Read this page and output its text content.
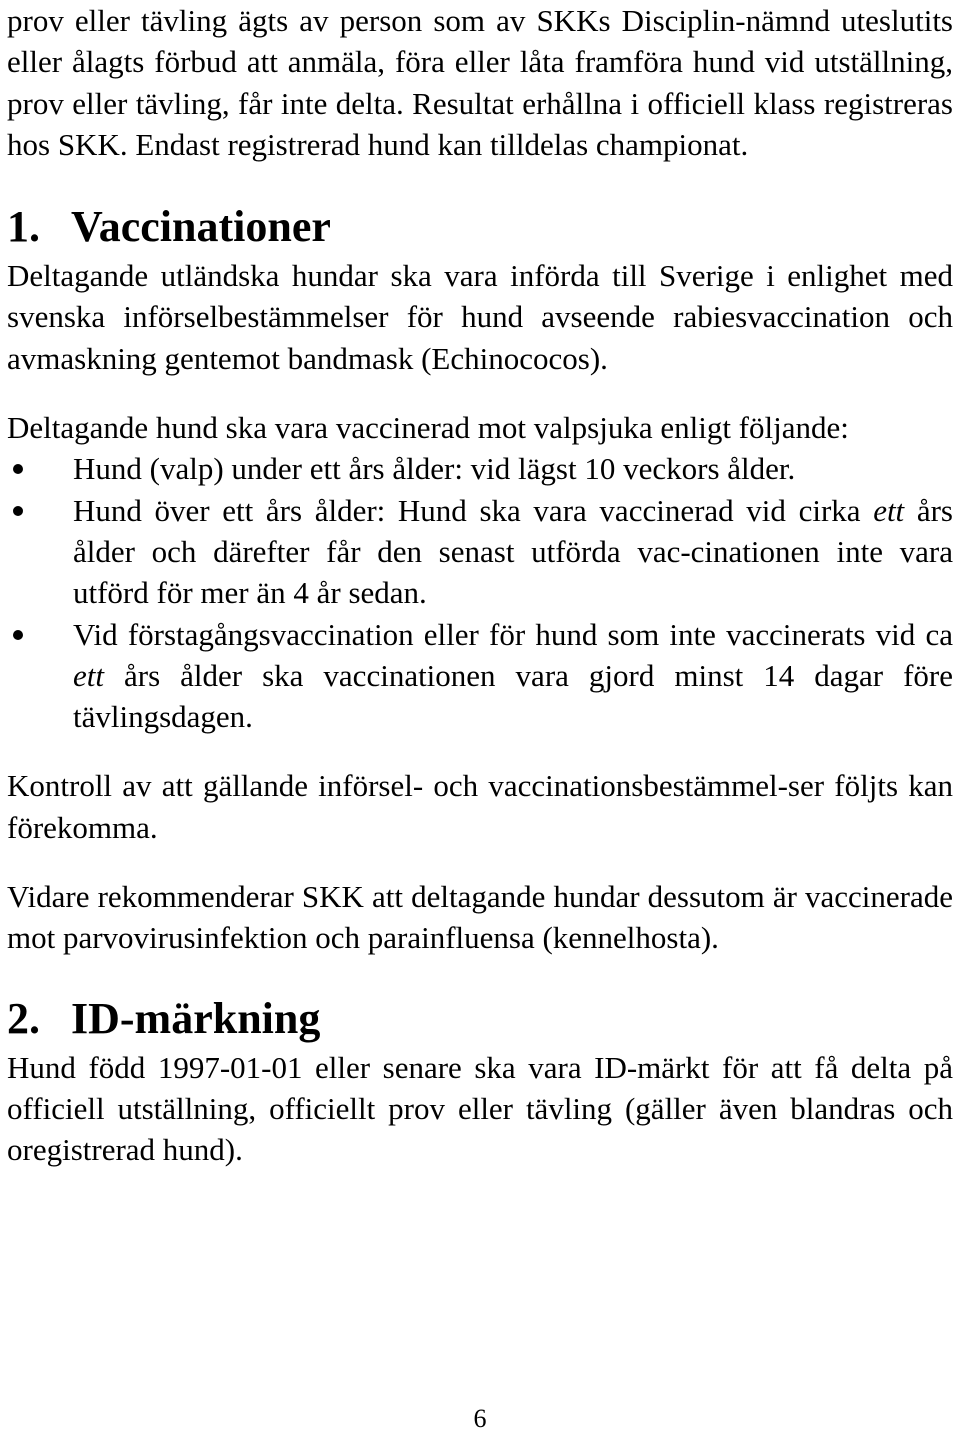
prov eller tävling ägts av person som av SKKs Disciplin-nämnd uteslutits eller ålagts förbud att anmäla, föra eller låta framföra hund vid utställning, prov eller tävling, får inte delta. Resultat erhållna i officiell klass registreras hos SKK. Endast registrerad hund kan tilldelas championat.

1. Vaccinationer

Deltagande utländska hundar ska vara införda till Sverige i enlighet med svenska införselbestämmelser för hund avseende rabiesvaccination och avmaskning gentemot bandmask (Echinococos).

Deltagande hund ska vara vaccinerad mot valpsjuka enligt följande:

Hund (valp) under ett års ålder: vid lägst 10 veckors ålder.
Hund över ett års ålder: Hund ska vara vaccinerad vid cirka ett års ålder och därefter får den senast utförda vac-cinationen inte vara utförd för mer än 4 år sedan.
Vid förstagångsvaccination eller för hund som inte vaccinerats vid ca ett års ålder ska vaccinationen vara gjord minst 14 dagar före tävlingsdagen.

Kontroll av att gällande införsel- och vaccinationsbestämmel-ser följts kan förekomma.

Vidare rekommenderar SKK att deltagande hundar dessutom är vaccinerade mot parvovirusinfektion och parainfluensa (kennelhosta).

2. ID-märkning

Hund född 1997-01-01 eller senare ska vara ID-märkt för att få delta på officiell utställning, officiellt prov eller tävling (gäller även blandras och oregistrerad hund).

6
